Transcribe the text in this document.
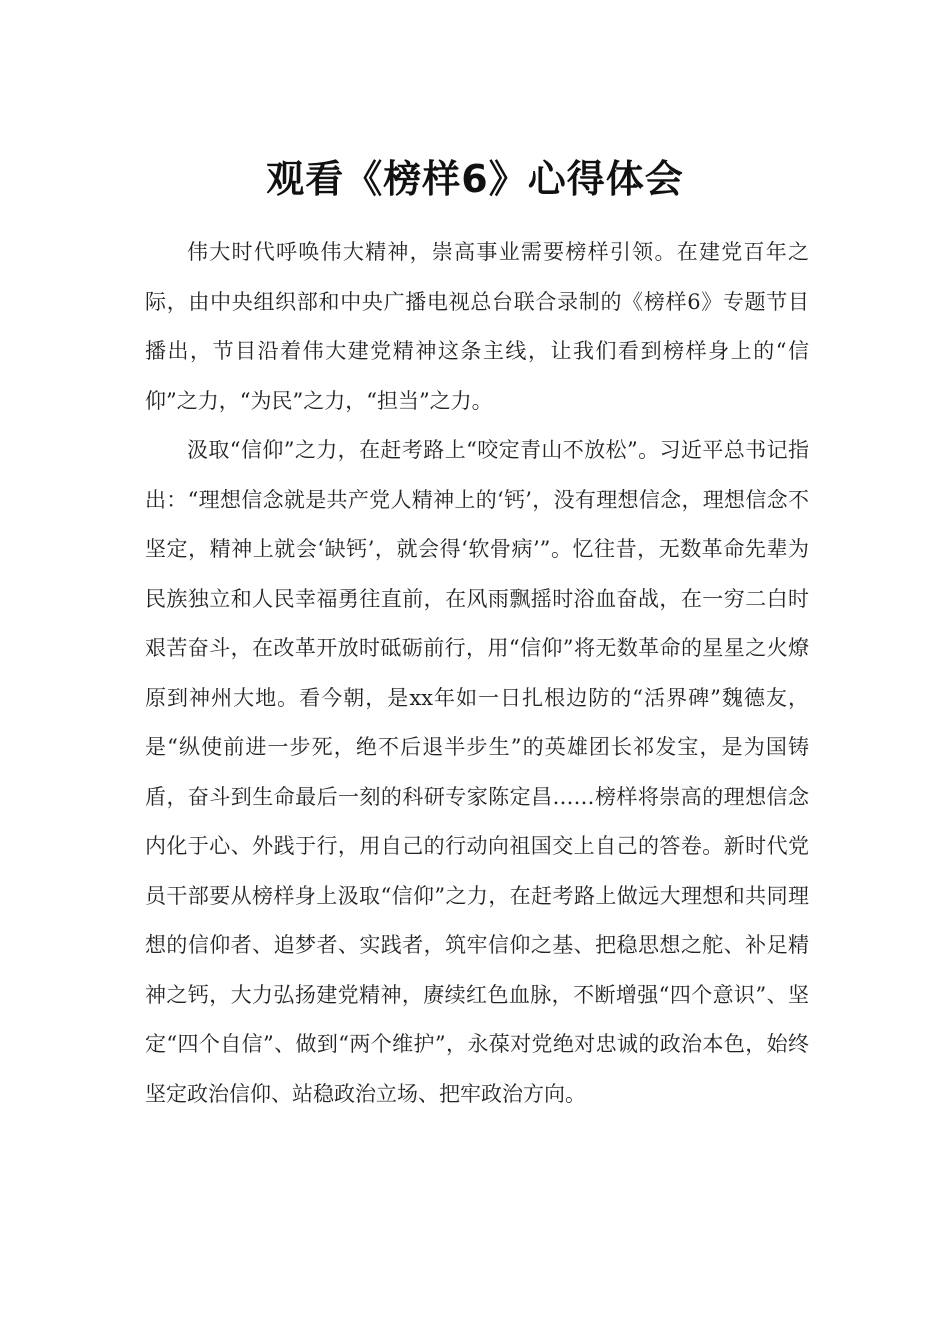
观看《榜样6》心得体会

伟大时代呼唤伟大精神，崇高事业需要榜样引领。在建党百年之际，由中央组织部和中央广播电视总台联合录制的《榜样6》专题节目播出，节目沿着伟大建党精神这条主线，让我们看到榜样身上的“信仰”之力，“为民”之力，“担当”之力。

汲取“信仰”之力，在赶考路上“咬定青山不放松”。习近平总书记指出：“理想信念就是共产党人精神上的‘钙’，没有理想信念，理想信念不坚定，精神上就会‘缺钙’，就会得‘软骨病’”。忆往昔，无数革命先辈为民族独立和人民幸福勇往直前，在风雨飘摇时浴血奋战，在一穷二白时艰苦奋斗，在改革开放时砥砺前行，用“信仰”将无数革命的星星之火燎原到神州大地。看今朝，是xx年如一日扎根边防的“活界碑”魏德友，是“纵使前进一步死，绝不后退半步生”的英雄团长祁发宝，是为国铸盾，奋斗到生命最后一刻的科研专家陈定昌……榜样将崇高的理想信念内化于心、外践于行，用自己的行动向祖国交上自己的答卷。新时代党员干部要从榜样身上汲取“信仰”之力，在赶考路上做远大理想和共同理想的信仰者、追梦者、实践者，筑牢信仰之基、把稳思想之舵、补足精神之钙，大力弘扬建党精神，赓续红色血脉，不断增强“四个意识”、坚定“四个自信”、做到“两个维护”，永葆对党绝对忠诚的政治本色，始终坚定政治信仰、站稳政治立场、把牢政治方向。
